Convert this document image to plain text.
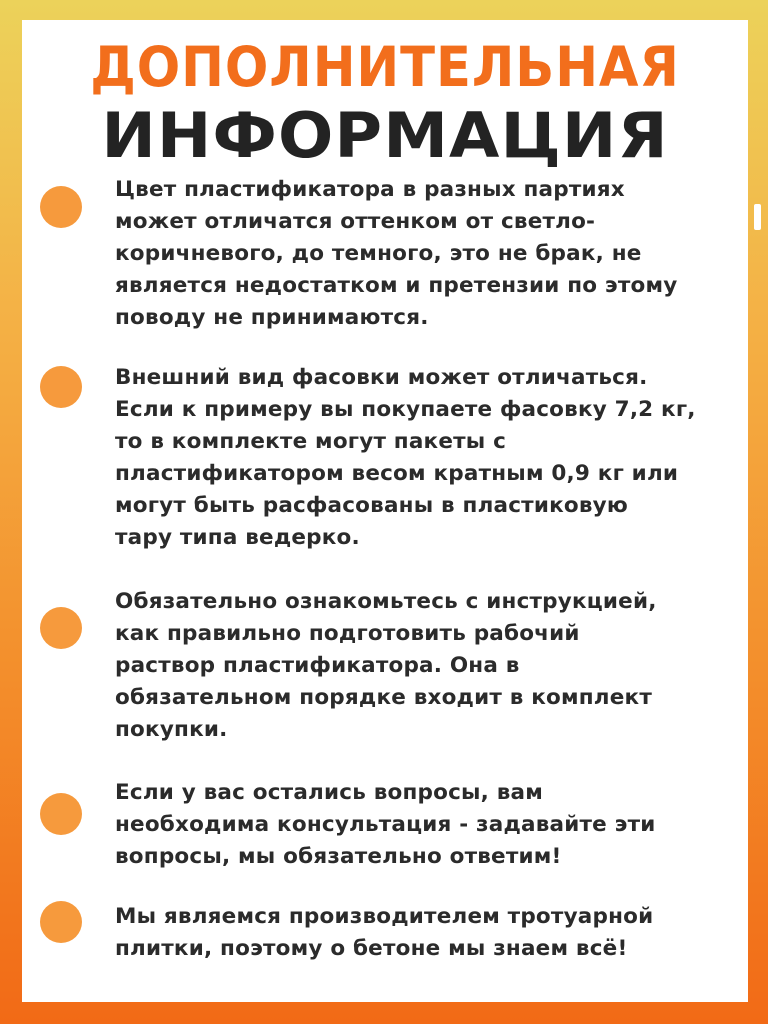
ДОПОЛНИТЕЛЬНАЯ
ИНФОРМАЦИЯ

Цвет пластификатора в разных партиях
может отличатся оттенком от светло-
коричневого, до темного, это не брак, не
является недостатком и претензии по этому
поводу не принимаются.

Внешний вид фасовки может отличаться.
Если к примеру вы покупаете фасовку 7,2 кг,
то в комплекте могут пакеты с
пластификатором весом кратным 0,9 кг или
могут быть расфасованы в пластиковую
тару типа ведерко.

Обязательно ознакомьтесь с инструкцией,
как правильно подготовить рабочий
раствор пластификатора. Она в
обязательном порядке входит в комплект
покупки.

Если у вас остались вопросы, вам
необходима консультация - задавайте эти
вопросы, мы обязательно ответим!

Мы являемся производителем тротуарной
плитки, поэтому о бетоне мы знаем всё!
